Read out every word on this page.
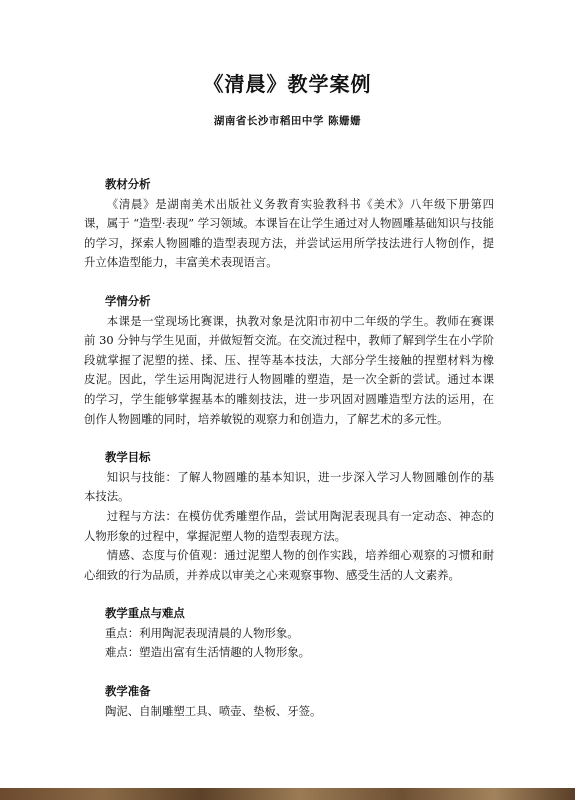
《清晨》教学案例
湖南省长沙市稻田中学 陈姗姗
教材分析

《清晨》是湖南美术出版社义务教育实验教科书《美术》八年级下册第四课，属于 “造型·表现” 学习领域。本课旨在让学生通过对人物圆雕基础知识与技能的学习，探索人物圆雕的造型表现方法，并尝试运用所学技法进行人物创作，提升立体造型能力，丰富美术表现语言。

学情分析

本课是一堂现场比赛课，执教对象是沈阳市初中二年级的学生。教师在赛课前 30 分钟与学生见面，并做短暂交流。在交流过程中，教师了解到学生在小学阶段就掌握了泥塑的搓、揉、压、捏等基本技法，大部分学生接触的捏塑材料为橡皮泥。因此，学生运用陶泥进行人物圆雕的塑造，是一次全新的尝试。通过本课的学习，学生能够掌握基本的雕刻技法，进一步巩固对圆雕造型方法的运用，在创作人物圆雕的同时，培养敏锐的观察力和创造力，了解艺术的多元性。

教学目标

知识与技能：了解人物圆雕的基本知识，进一步深入学习人物圆雕创作的基本技法。

过程与方法：在模仿优秀雕塑作品，尝试用陶泥表现具有一定动态、神态的人物形象的过程中，掌握泥塑人物的造型表现方法。

情感、态度与价值观：通过泥塑人物的创作实践，培养细心观察的习惯和耐心细致的行为品质，并养成以审美之心来观察事物、感受生活的人文素养。

教学重点与难点

重点：利用陶泥表现清晨的人物形象。

难点：塑造出富有生活情趣的人物形象。

教学准备

陶泥、自制雕塑工具、喷壶、垫板、牙签。
